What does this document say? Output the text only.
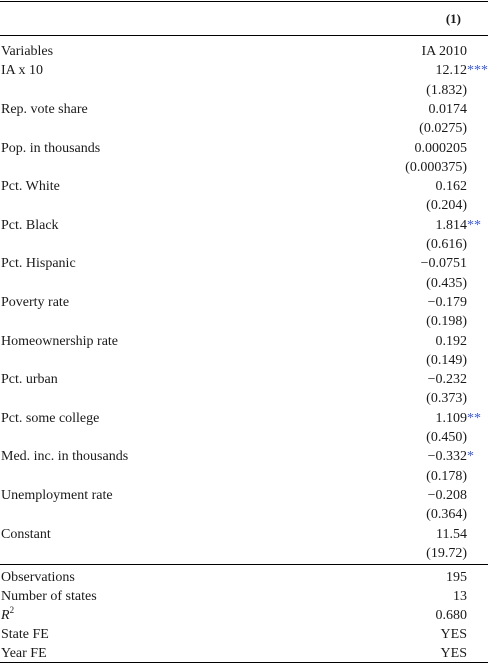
(1)
Variables	IA 2010
IA x 10	12.12***
(1.832)
Rep. vote share	0.0174
(0.0275)
Pop. in thousands	0.000205
(0.000375)
Pct. White	0.162
(0.204)
Pct. Black	1.814**
(0.616)
Pct. Hispanic	−0.0751
(0.435)
Poverty rate	−0.179
(0.198)
Homeownership rate	0.192
(0.149)
Pct. urban	−0.232
(0.373)
Pct. some college	1.109**
(0.450)
Med. inc. in thousands	−0.332*
(0.178)
Unemployment rate	−0.208
(0.364)
Constant	11.54
(19.72)
Observations	195
Number of states	13
$R^2$	0.680
State FE	YES
Year FE	YES
